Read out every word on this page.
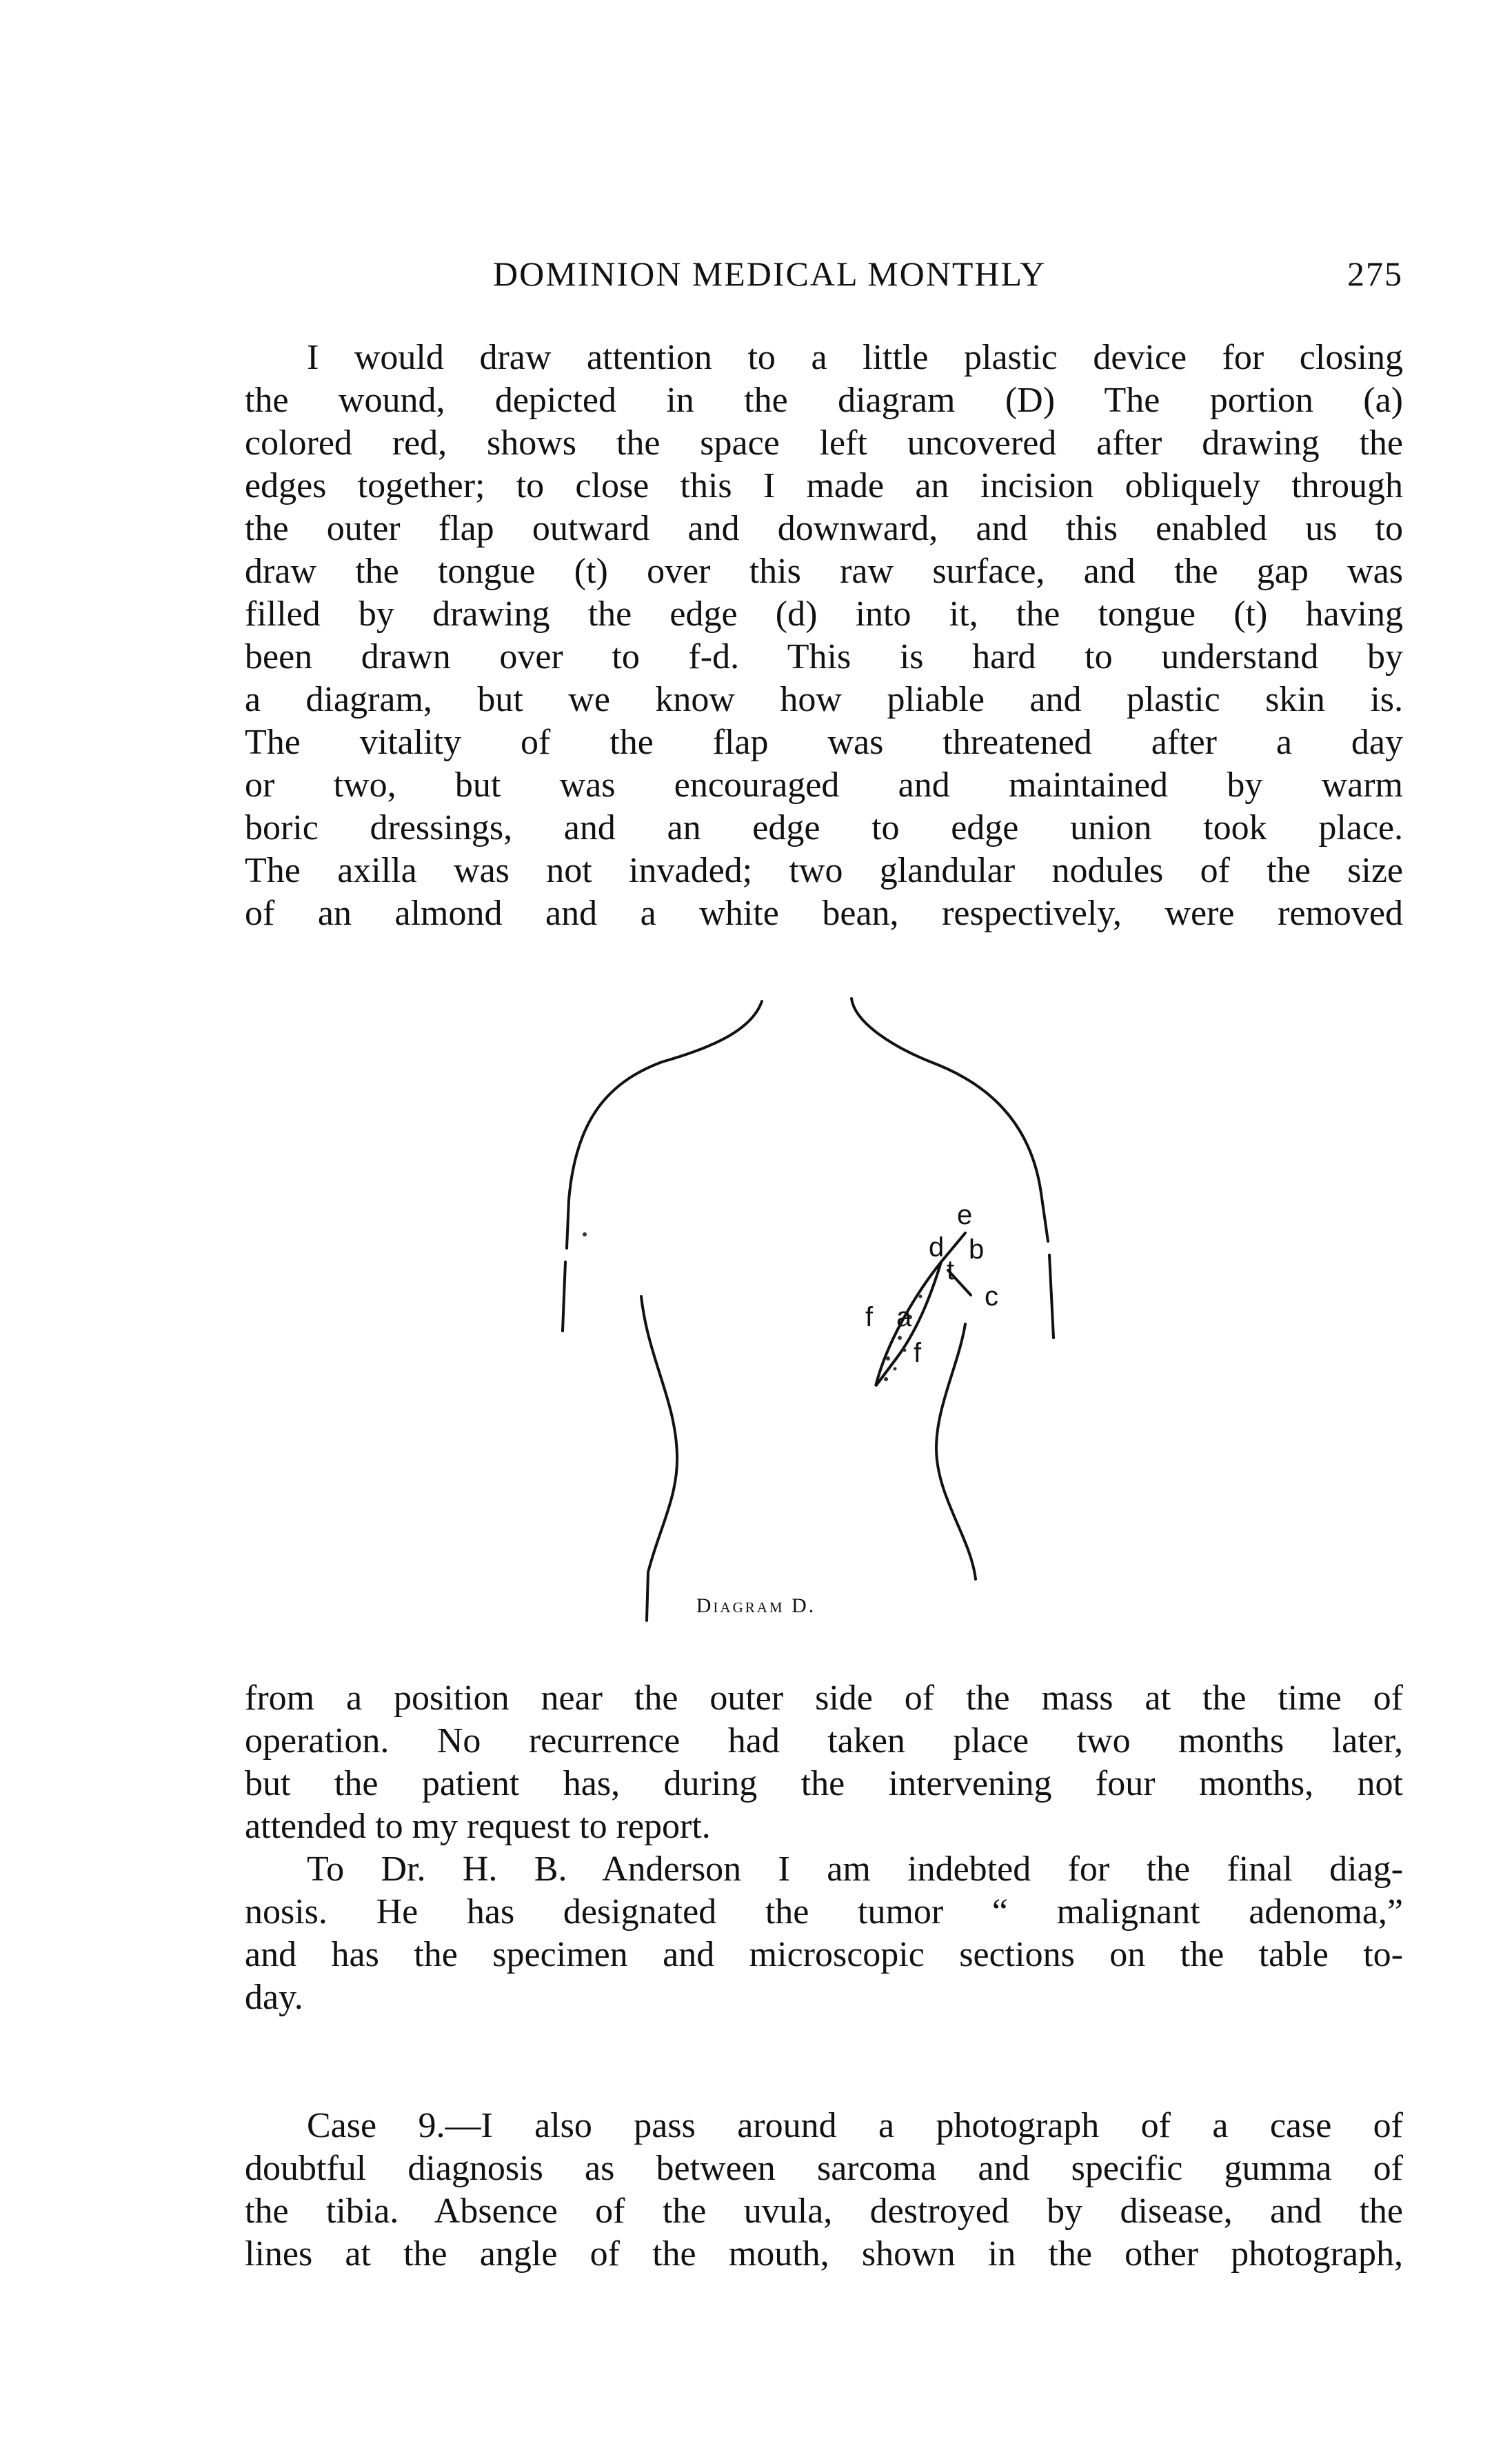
DOMINION MEDICAL MONTHLY	275
I would draw attention to a little plastic device for closing
the wound, depicted in the diagram (D) The portion (a)
colored red, shows the space left uncovered after drawing the
edges together; to close this I made an incision obliquely through
the outer flap outward and downward, and this enabled us to
draw the tongue (t) over this raw surface, and the gap was
filled by drawing the edge (d) into it, the tongue (t) having
been drawn over to f-d. This is hard to understand by
a diagram, but we know how pliable and plastic skin is.
The vitality of the flap was threatened after a day
or two, but was encouraged and maintained by warm
boric dressings, and an edge to edge union took place.
The axilla was not invaded; two glandular nodules of the size
of an almond and a white bean, respectively, were removed
d
e
b
t
c
f a
f
Diagram D.
from a position near the outer side of the mass at the time of
operation. No recurrence had taken place two months later,
but the patient has, during the intervening four months, not
attended to my request to report.
To Dr. H. B. Anderson I am indebted for the final diag-
nosis. He has designated the tumor “ malignant adenoma,”
and has the specimen and microscopic sections on the table to-
day.
Case 9.—I also pass around a photograph of a case of
doubtful diagnosis as between sarcoma and specific gumma of
the tibia. Absence of the uvula, destroyed by disease, and the
lines at the angle of the mouth, shown in the other photograph,
